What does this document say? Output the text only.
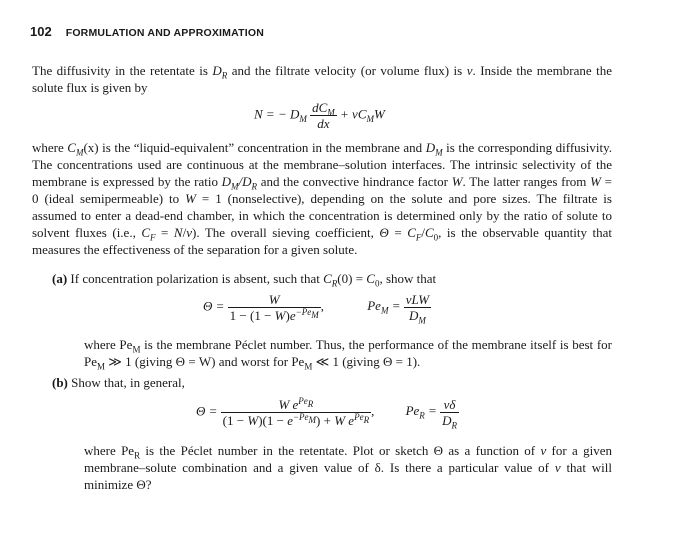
102 FORMULATION AND APPROXIMATION
The diffusivity in the retentate is $D_R$ and the filtrate velocity (or volume flux) is v. Inside the membrane the solute flux is given by
N = − $D_M \frac{dC_M}{dx} + vC_MW$
where $C_M(x)$ is the “liquid-equivalent” concentration in the membrane and $D_M$ is the corresponding diffusivity. The concentrations used are continuous at the membrane–solution interfaces. The intrinsic selectivity of the membrane is expressed by the ratio $D_M/D_R$ and the convective hindrance factor W. The latter ranges from W = 0 (ideal semipermeable) to W = 1 (nonselective), depending on the solute and pore sizes. The filtrate is assumed to enter a dead-end chamber, in which the concentration is determined only by the ratio of solute to solvent fluxes (i.e., $C_F = N/v$). The overall sieving coefficient, $\Theta = C_F/C_0$, is the observable quantity that measures the effectiveness of the separation for a given solute.
(a) If concentration polarization is absent, such that $C_R(0) = C_0$, show that
$\Theta = \frac{W}{1 - (1 - W)e^{-Pe_M}}$ ,	$Pe_M = \frac{\text{vLW}}{D_M}$
where $Pe_M$ is the membrane Péclet number. Thus, the performance of the membrane itself is best for $Pe_M$ ≫ 1 (giving Θ = W) and worst for $Pe_M$ ≪ 1 (giving Θ = 1).
(b) Show that, in general,
$\Theta = \frac{W e^{Pe_R}}{(1 - W)(1 - e^{-Pe_M}) + W e^{Pe_R}}$ , $Pe_R = \frac{v\delta}{D_R}$
where $Pe_R$ is the Péclet number in the retentate. Plot or sketch Θ as a function of v for a given membrane–solute combination and a given value of δ. Is there a particular value of v that will minimize Θ?
